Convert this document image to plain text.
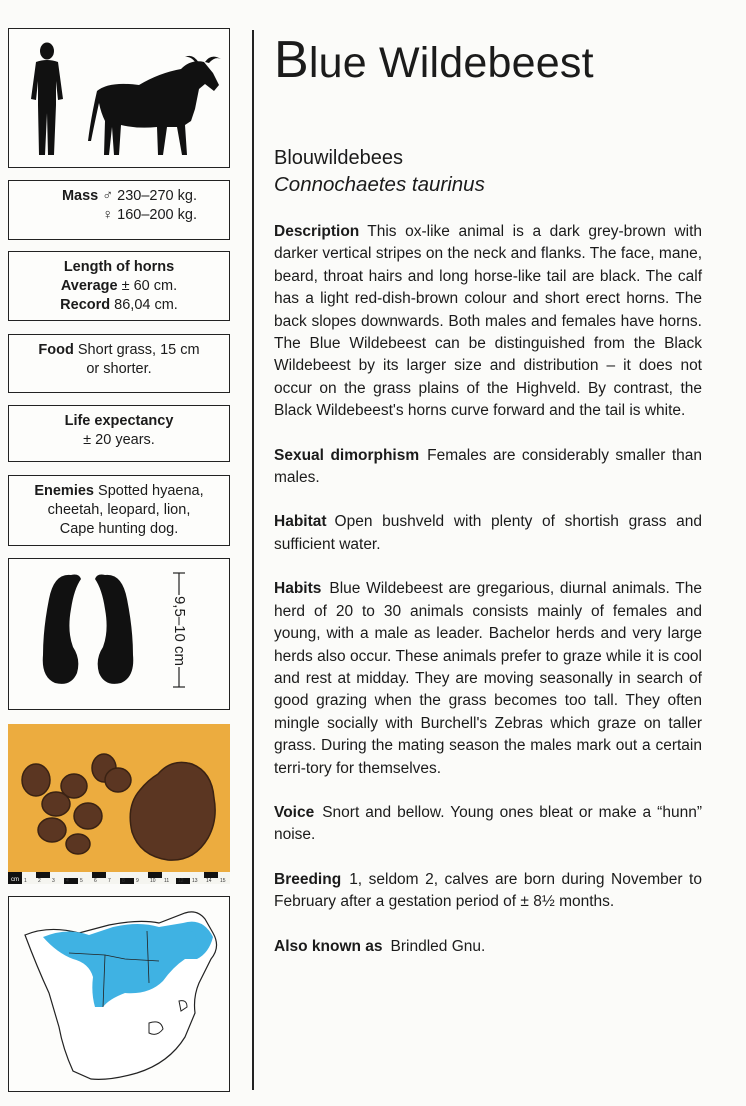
Mass ♂ 230–270 kg.
♀ 160–200 kg.
Length of horns
Average ± 60 cm.
Record 86,04 cm.
Food Short grass, 15 cm
or shorter.
Life expectancy
± 20 years.
Enemies Spotted hyaena,
cheetah, leopard, lion,
Cape hunting dog.
9,5–10 cm
cm 1 2 3 4 5 6 7 8 9 10 11 12 13 14 15
Blue Wildebeest
Blouwildebees
Connochaetes taurinus

Description This ox-like animal is a dark grey-brown with darker vertical stripes on the neck and flanks. The face, mane, beard, throat hairs and long horse-like tail are black. The calf has a light red-dish-brown colour and short erect horns. The back slopes downwards. Both males and females have horns. The Blue Wildebeest can be distinguished from the Black Wildebeest by its larger size and distribution – it does not occur on the grass plains of the Highveld. By contrast, the Black Wildebeest's horns curve forward and the tail is white.

Sexual dimorphism Females are considerably smaller than males.

Habitat Open bushveld with plenty of shortish grass and sufficient water.

Habits Blue Wildebeest are gregarious, diurnal animals. The herd of 20 to 30 animals consists mainly of females and young, with a male as leader. Bachelor herds and very large herds also occur. These animals prefer to graze while it is cool and rest at midday. They are moving seasonally in search of good grazing when the grass becomes too tall. They often mingle socially with Burchell's Zebras which graze on taller grass. During the mating season the males mark out a certain terri-tory for themselves.

Voice Snort and bellow. Young ones bleat or make a “hunn” noise.

Breeding 1, seldom 2, calves are born during November to February after a gestation period of ± 8½ months.

Also known as Brindled Gnu.
